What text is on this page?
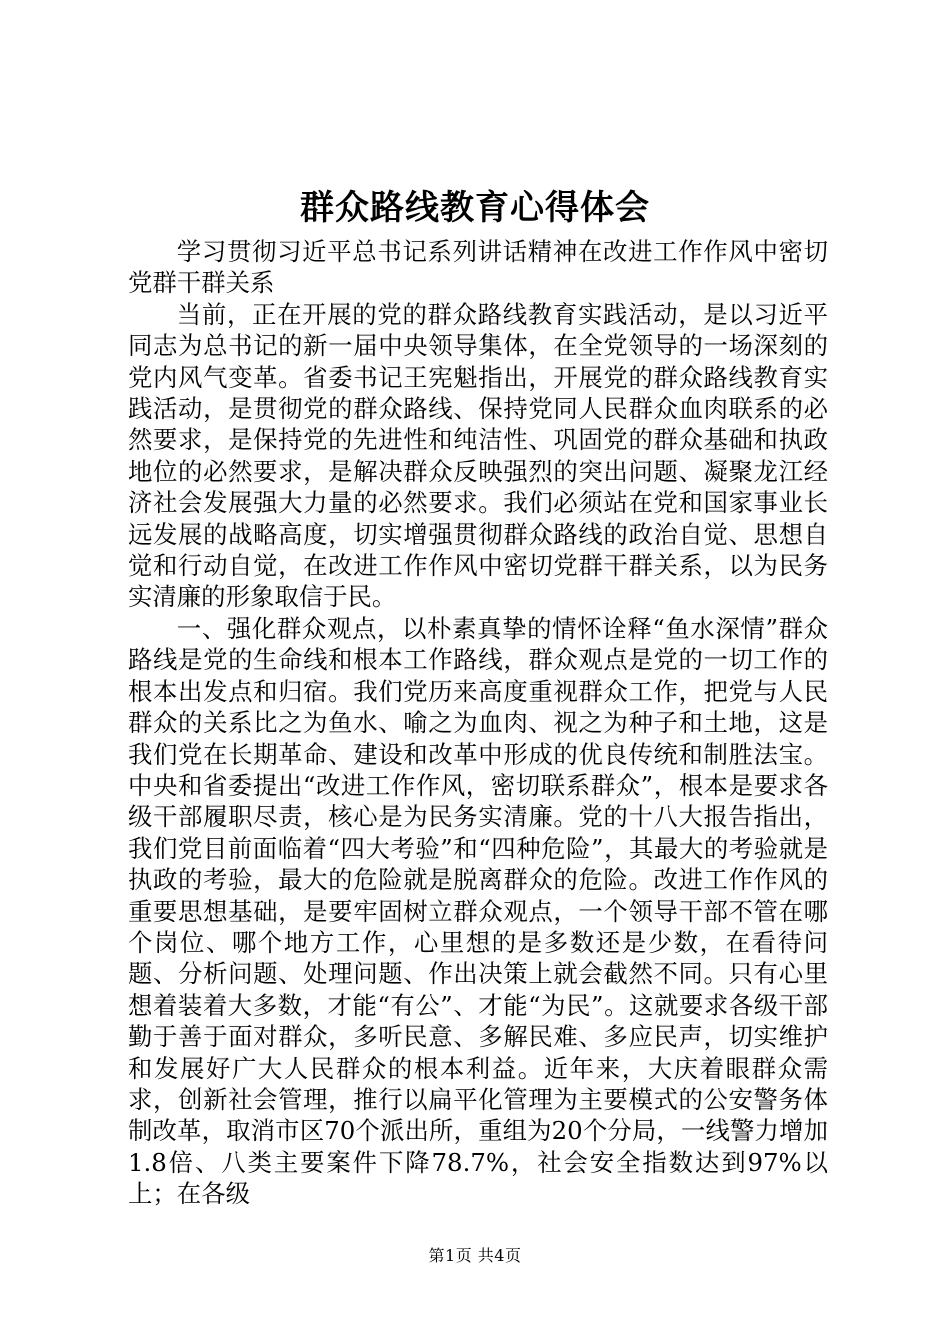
群众路线教育心得体会

学习贯彻习近平总书记系列讲话精神在改进工作作风中密切党群干群关系

当前，正在开展的党的群众路线教育实践活动，是以习近平同志为总书记的新一届中央领导集体，在全党领导的一场深刻的党内风气变革。省委书记王宪魁指出，开展党的群众路线教育实践活动，是贯彻党的群众路线、保持党同人民群众血肉联系的必然要求，是保持党的先进性和纯洁性、巩固党的群众基础和执政地位的必然要求，是解决群众反映强烈的突出问题、凝聚龙江经济社会发展强大力量的必然要求。我们必须站在党和国家事业长远发展的战略高度，切实增强贯彻群众路线的政治自觉、思想自觉和行动自觉，在改进工作作风中密切党群干群关系，以为民务实清廉的形象取信于民。

一、强化群众观点，以朴素真挚的情怀诠释“鱼水深情”群众路线是党的生命线和根本工作路线，群众观点是党的一切工作的根本出发点和归宿。我们党历来高度重视群众工作，把党与人民群众的关系比之为鱼水、喻之为血肉、视之为种子和土地，这是我们党在长期革命、建设和改革中形成的优良传统和制胜法宝。中央和省委提出“改进工作作风，密切联系群众”，根本是要求各级干部履职尽责，核心是为民务实清廉。党的十八大报告指出，我们党目前面临着“四大考验”和“四种危险”，其最大的考验就是执政的考验，最大的危险就是脱离群众的危险。改进工作作风的重要思想基础，是要牢固树立群众观点，一个领导干部不管在哪个岗位、哪个地方工作，心里想的是多数还是少数，在看待问题、分析问题、处理问题、作出决策上就会截然不同。只有心里想着装着大多数，才能“有公”、才能“为民”。这就要求各级干部勤于善于面对群众，多听民意、多解民难、多应民声，切实维护和发展好广大人民群众的根本利益。近年来，大庆着眼群众需求，创新社会管理，推行以扁平化管理为主要模式的公安警务体制改革，取消市区70个派出所，重组为20个分局，一线警力增加1.8倍、八类主要案件下降78.7%，社会安全指数达到97%以上；在各级

第1页 共4页
